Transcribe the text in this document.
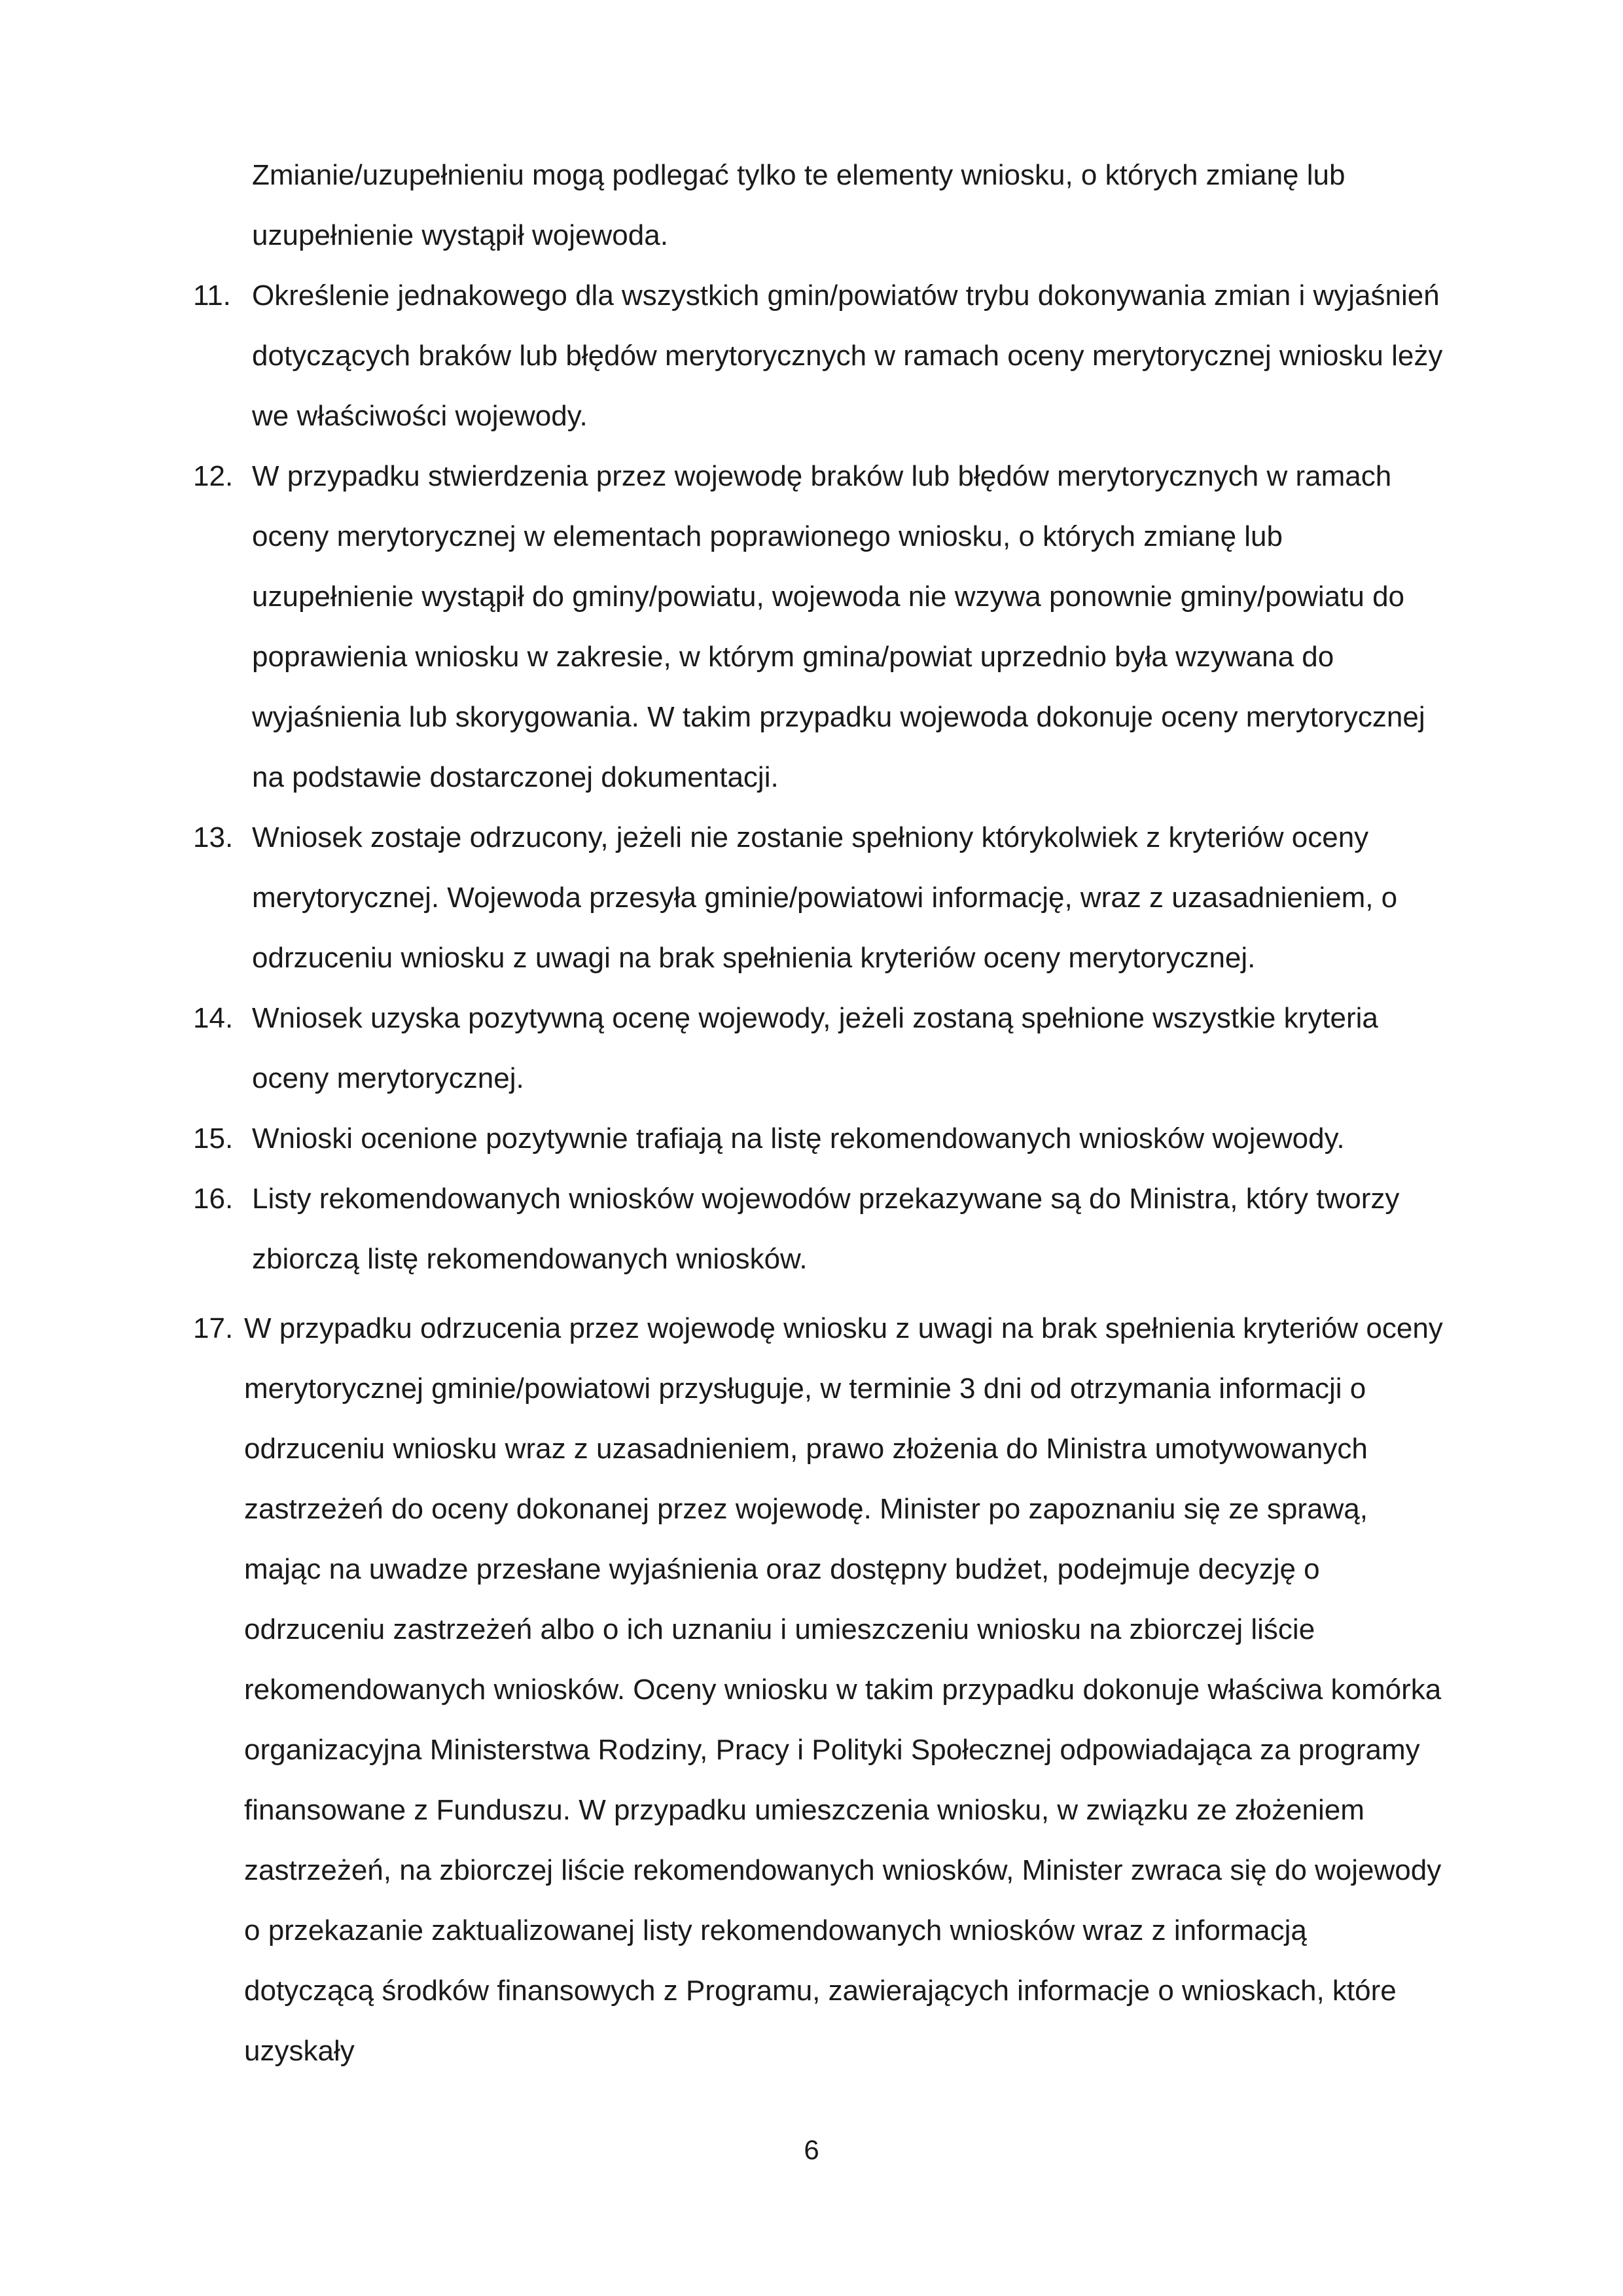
Zmianie/uzupełnieniu mogą podlegać tylko te elementy wniosku, o których zmianę lub uzupełnienie wystąpił wojewoda.

11. Określenie jednakowego dla wszystkich gmin/powiatów trybu dokonywania zmian i wyjaśnień dotyczących braków lub błędów merytorycznych w ramach oceny merytorycznej wniosku leży we właściwości wojewody.
12. W przypadku stwierdzenia przez wojewodę braków lub błędów merytorycznych w ramach oceny merytorycznej w elementach poprawionego wniosku, o których zmianę lub uzupełnienie wystąpił do gminy/powiatu, wojewoda nie wzywa ponownie gminy/powiatu do poprawienia wniosku w zakresie, w którym gmina/powiat uprzednio była wzywana do wyjaśnienia lub skorygowania. W takim przypadku wojewoda dokonuje oceny merytorycznej na podstawie dostarczonej dokumentacji.
13. Wniosek zostaje odrzucony, jeżeli nie zostanie spełniony którykolwiek z kryteriów oceny merytorycznej. Wojewoda przesyła gminie/powiatowi informację, wraz z uzasadnieniem, o odrzuceniu wniosku z uwagi na brak spełnienia kryteriów oceny merytorycznej.
14. Wniosek uzyska pozytywną ocenę wojewody, jeżeli zostaną spełnione wszystkie kryteria oceny merytorycznej.
15. Wnioski ocenione pozytywnie trafiają na listę rekomendowanych wniosków wojewody.
16. Listy rekomendowanych wniosków wojewodów przekazywane są do Ministra, który tworzy zbiorczą listę rekomendowanych wniosków.
17. W przypadku odrzucenia przez wojewodę wniosku z uwagi na brak spełnienia kryteriów oceny merytorycznej gminie/powiatowi przysługuje, w terminie 3 dni od otrzymania informacji o odrzuceniu wniosku wraz z uzasadnieniem, prawo złożenia do Ministra umotywowanych zastrzeżeń do oceny dokonanej przez wojewodę. Minister po zapoznaniu się ze sprawą, mając na uwadze przesłane wyjaśnienia oraz dostępny budżet, podejmuje decyzję o odrzuceniu zastrzeżeń albo o ich uznaniu i umieszczeniu wniosku na zbiorczej liście rekomendowanych wniosków. Oceny wniosku w takim przypadku dokonuje właściwa komórka organizacyjna Ministerstwa Rodziny, Pracy i Polityki Społecznej odpowiadająca za programy finansowane z Funduszu. W przypadku umieszczenia wniosku, w związku ze złożeniem zastrzeżeń, na zbiorczej liście rekomendowanych wniosków, Minister zwraca się do wojewody o przekazanie zaktualizowanej listy rekomendowanych wniosków wraz z informacją dotyczącą środków finansowych z Programu, zawierających informacje o wnioskach, które uzyskały
6
